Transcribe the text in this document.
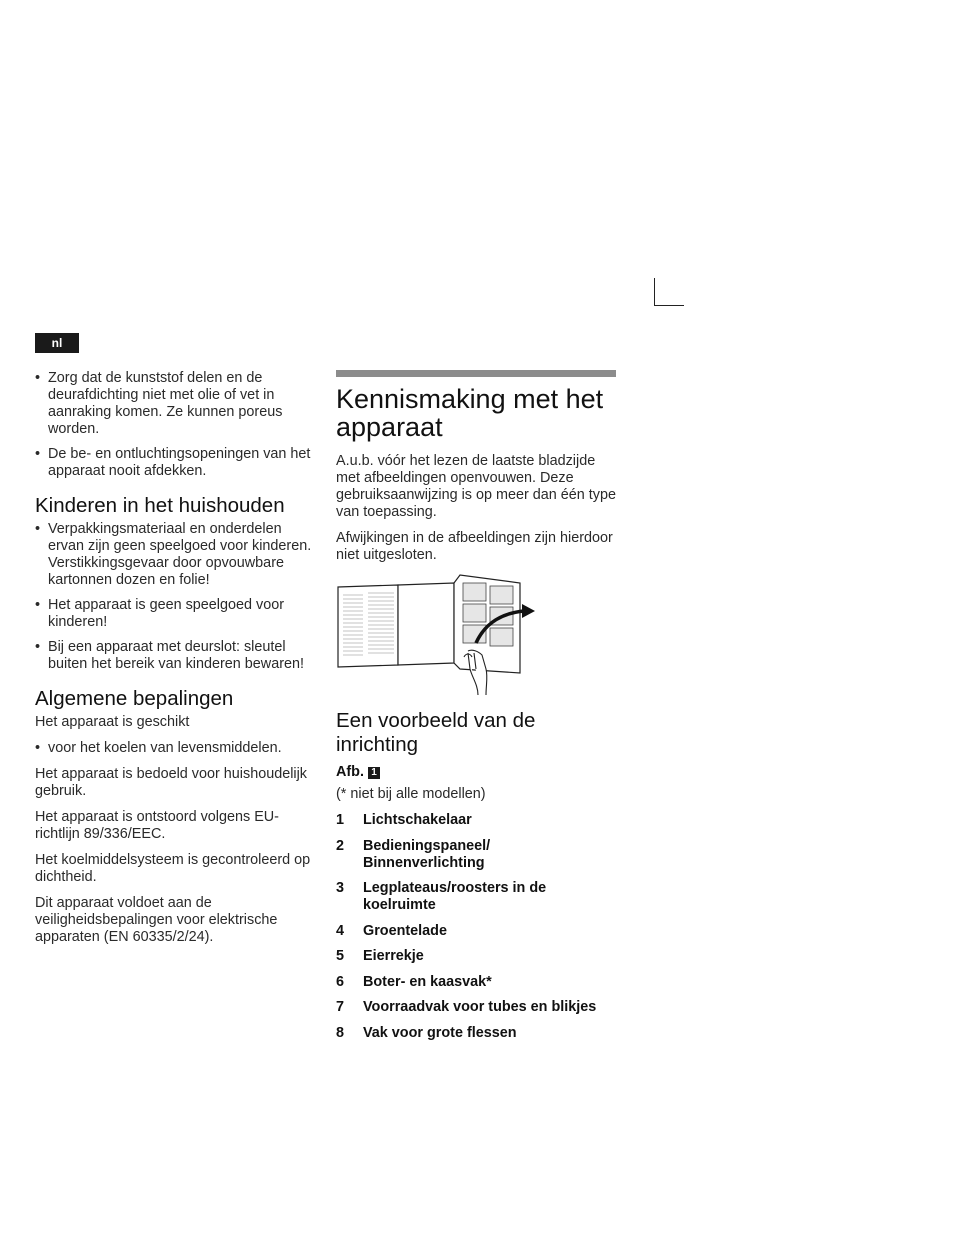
nl
• Zorg dat de kunststof delen en de deurafdichting niet met olie of vet in aanraking komen. Ze kunnen poreus worden.
• De be- en ontluchtingsopeningen van het apparaat nooit afdekken.
Kinderen in het huishouden
• Verpakkingsmateriaal en onderdelen ervan zijn geen speelgoed voor kinderen. Verstikkingsgevaar door opvouwbare kartonnen dozen en folie!
• Het apparaat is geen speelgoed voor kinderen!
• Bij een apparaat met deurslot: sleutel buiten het bereik van kinderen bewaren!
Algemene bepalingen

Het apparaat is geschikt

• voor het koelen van levensmiddelen.

Het apparaat is bedoeld voor huishoudelijk gebruik.

Het apparaat is ontstoord volgens EU-richtlijn 89/336/EEC.

Het koelmiddelsysteem is gecontroleerd op dichtheid.

Dit apparaat voldoet aan de veiligheidsbepalingen voor elektrische apparaten (EN 60335/2/24).

Kennismaking met het apparaat

A.u.b. vóór het lezen de laatste bladzijde met afbeeldingen openvouwen. Deze gebruiksaanwijzing is op meer dan één type van toepassing.

Afwijkingen in de afbeeldingen zijn hierdoor niet uitgesloten.

Een voorbeeld van de inrichting
Afb. 1

(* niet bij alle modellen)

1	Lichtschakelaar
2	Bedieningspaneel/ Binnenverlichting
3	Legplateaus/roosters in de koelruimte
4	Groentelade
5	Eierrekje
6	Boter- en kaasvak*
7	Voorraadvak voor tubes en blikjes
8	Vak voor grote flessen
